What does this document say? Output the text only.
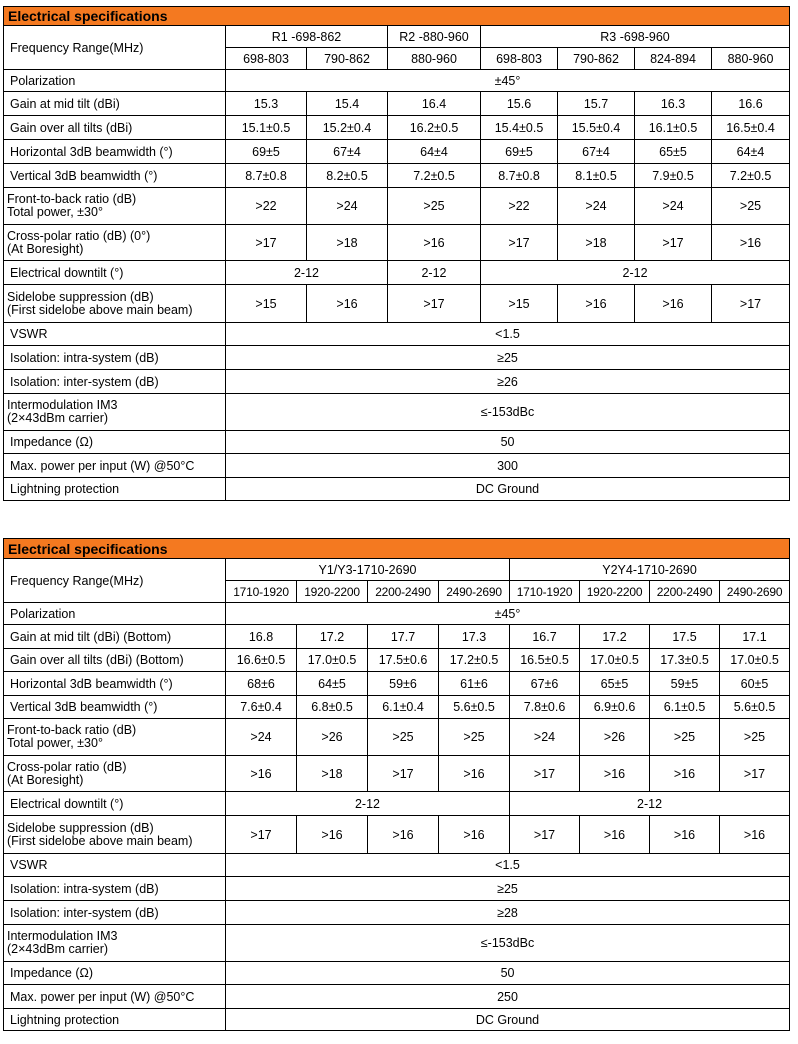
Electrical specifications							
Frequency Range(MHz)	R1 -698-862		R2 -880-960	R3 -698-960			
	698-803	790-862	880-960	698-803	790-862	824-894	880-960
Polarization	±45°						
Gain at mid tilt (dBi)	15.3	15.4	16.4	15.6	15.7	16.3	16.6
Gain over all tilts (dBi)	15.1±0.5	15.2±0.4	16.2±0.5	15.4±0.5	15.5±0.4	16.1±0.5	16.5±0.4
Horizontal 3dB beamwidth (°)	69±5	67±4	64±4	69±5	67±4	65±5	64±4
Vertical 3dB beamwidth (°)	8.7±0.8	8.2±0.5	7.2±0.5	8.7±0.8	8.1±0.5	7.9±0.5	7.2±0.5
Front-to-back ratio (dB)
Total power, ±30°	>22	>24	>25	>22	>24	>24	>25
Cross-polar ratio (dB) (0°)
(At Boresight)	>17	>18	>16	>17	>18	>17	>16
Electrical downtilt (°)	2-12		2-12	2-12			
Sidelobe suppression (dB)
(First sidelobe above main beam)	>15	>16	>17	>15	>16	>16	>17
VSWR	<1.5						
Isolation: intra-system (dB)	≥25						
Isolation: inter-system (dB)	≥26						
Intermodulation IM3
(2×43dBm carrier)	≤-153dBc						
Impedance (Ω)	50						
Max. power per input (W) @50°C	300						
Lightning protection	DC Ground						
Electrical specifications								
Frequency Range(MHz)	Y1/Y3-1710-2690				Y2Y4-1710-2690			
	1710-1920	1920-2200	2200-2490	2490-2690	1710-1920	1920-2200	2200-2490	2490-2690
Polarization	±45°							
Gain at mid tilt (dBi) (Bottom)	16.8	17.2	17.7	17.3	16.7	17.2	17.5	17.1
Gain over all tilts (dBi) (Bottom)	16.6±0.5	17.0±0.5	17.5±0.6	17.2±0.5	16.5±0.5	17.0±0.5	17.3±0.5	17.0±0.5
Horizontal 3dB beamwidth (°)	68±6	64±5	59±6	61±6	67±6	65±5	59±5	60±5
Vertical 3dB beamwidth (°)	7.6±0.4	6.8±0.5	6.1±0.4	5.6±0.5	7.8±0.6	6.9±0.6	6.1±0.5	5.6±0.5
Front-to-back ratio (dB)
Total power, ±30°	>24	>26	>25	>25	>24	>26	>25	>25
Cross-polar ratio (dB)
(At Boresight)	>16	>18	>17	>16	>17	>16	>16	>17
Electrical downtilt (°)	2-12				2-12			
Sidelobe suppression (dB)
(First sidelobe above main beam)	>17	>16	>16	>16	>17	>16	>16	>16
VSWR	<1.5							
Isolation: intra-system (dB)	≥25							
Isolation: inter-system (dB)	≥28							
Intermodulation IM3
(2×43dBm carrier)	≤-153dBc							
Impedance (Ω)	50							
Max. power per input (W) @50°C	250							
Lightning protection	DC Ground							
